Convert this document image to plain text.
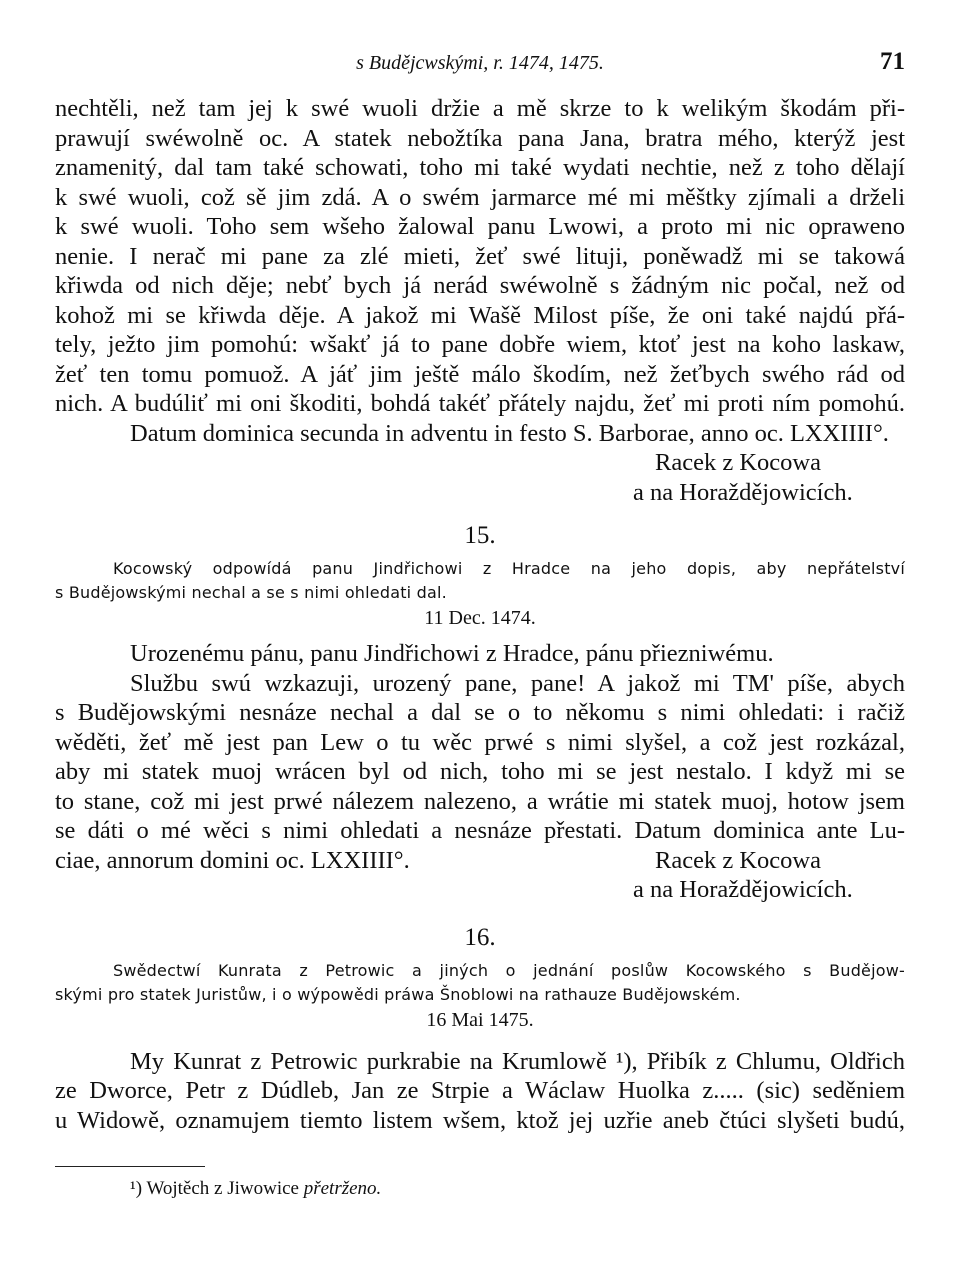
s Budějcwskými, r. 1474, 1475.	71
nechtěli, než tam jej k swé wuoli držie a mě skrze to k welikým škodám při-
prawují swéwolně oc. A statek nebožtíka pana Jana, bratra mého, kterýž jest
znamenitý, dal tam také schowati, toho mi také wydati nechtie, než z toho dělají
k swé wuoli, což sě jim zdá. A o swém jarmarce mé mi měštky zjímali a drželi
k swé wuoli. Toho sem wšeho žalowal panu Lwowi, a proto mi nic opraweno
nenie. I nerač mi pane za zlé mieti, žeť swé lituji, poněwadž mi se takowá
křiwda od nich děje; nebť bych já nerád swéwolně s žádným nic počal, než od
kohož mi se křiwda děje. A jakož mi Wašě Milost píše, že oni také najdú přá-
tely, ježto jim pomohú: wšakť já to pane dobře wiem, ktoť jest na koho laskaw,
žeť ten tomu pomuož. A jáť jim ještě málo škodím, než žeťbych swého rád od
nich. A budúliť mi oni škoditi, bohdá takéť přátely najdu, žeť mi proti ním pomohú.
Datum dominica secunda in adventu in festo S. Barborae, anno oc. LXXIIII°.
Racek z Kocowa
a na Horaždějowicích.
15.
Kocowský odpowídá panu Jindřichowi z Hradce na jeho dopis, aby nepřátelství
s Budějowskými nechal a se s nimi ohledati dal.
11 Dec. 1474.
Urozenému pánu, panu Jindřichowi z Hradce, pánu přiezniwému.
Službu swú wzkazuji, urozený pane, pane! A jakož mi TM' píše, abych
s Budějowskými nesnáze nechal a dal se o to někomu s nimi ohledati: i račiž
wěděti, žeť mě jest pan Lew o tu wěc prwé s nimi slyšel, a což jest rozkázal,
aby mi statek muoj wrácen byl od nich, toho mi se jest nestalo. I když mi se
to stane, což mi jest prwé nálezem nalezeno, a wrátie mi statek muoj, hotow jsem
se dáti o mé wěci s nimi ohledati a nesnáze přestati. Datum dominica ante Lu-
ciae, annorum domini oc. LXXIIII°.	Racek z Kocowa
a na Horaždějowicích.
16.
Swědectwí Kunrata z Petrowic a jiných o jednání poslůw Kocowského s Budějow-
skými pro statek Juristůw, i o wýpowědi práwa Šnoblowi na rathauze Budějowském.
16 Mai 1475.
My Kunrat z Petrowic purkrabie na Krumlowě ¹), Přibík z Chlumu, Oldřich
ze Dworce, Petr z Dúdleb, Jan ze Strpie a Wáclaw Huolka z..... (sic) seděniem
u Widowě, oznamujem tiemto listem wšem, ktož jej uzřie aneb čtúci slyšeti budú,
¹) Wojtěch z Jiwowice přetrženo.
